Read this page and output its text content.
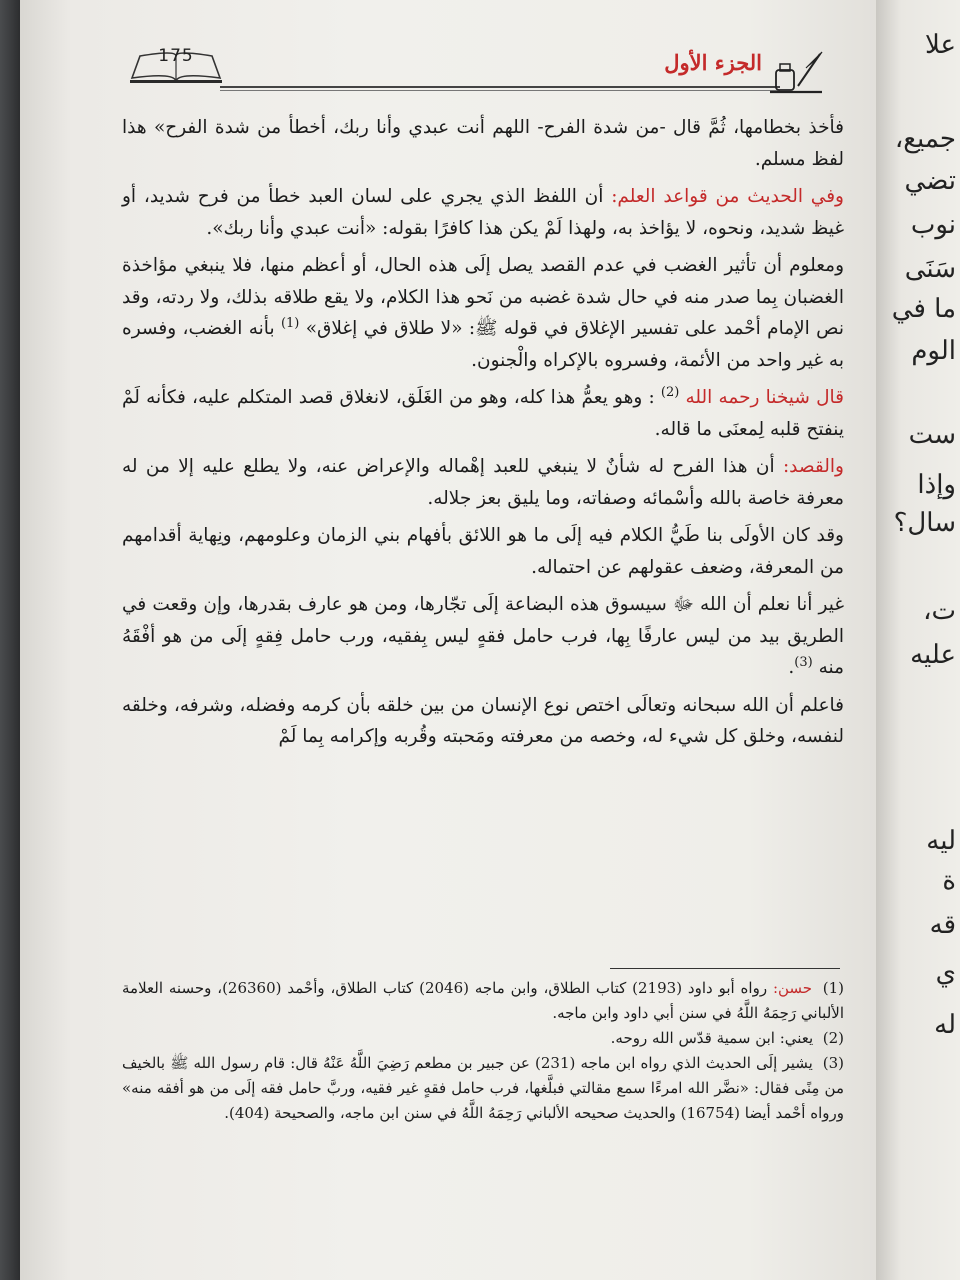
175	الجزء الأول

فأخذ بخطامها، ثُمَّ قال -من شدة الفرح- اللهم أنت عبدي وأنا ربك، أخطأ من شدة الفرح» هذا لفظ مسلم.

وفي الحديث من قواعد العلم: أن اللفظ الذي يجري على لسان العبد خطأ من فرح شديد، أو غيظ شديد، ونحوه، لا يؤاخذ به، ولهذا لَمْ يكن هذا كافرًا بقوله: «أنت عبدي وأنا ربك».

ومعلوم أن تأثير الغضب في عدم القصد يصل إلَى هذه الحال، أو أعظم منها، فلا ينبغي مؤاخذة الغضبان بِما صدر منه في حال شدة غضبه من نَحو هذا الكلام، ولا يقع طلاقه بذلك، ولا ردته، وقد نص الإمام أحْمد على تفسير الإغلاق في قوله ﷺ: «لا طلاق في إغلاق» $^{(1)}$ بأنه الغضب، وفسره به غير واحد من الأئمة، وفسروه بالإكراه والْجنون.

قال شيخنا رحمه الله $^{(2)}$ : وهو يعمُّ هذا كله، وهو من الغَلَق، لانغلاق قصد المتكلم عليه، فكأنه لَمْ ينفتح قلبه لِمعنَى ما قاله.

والقصد: أن هذا الفرح له شأنٌ لا ينبغي للعبد إهْماله والإعراض عنه، ولا يطلع عليه إلا من له معرفة خاصة بالله وأسْمائه وصفاته، وما يليق بعز جلاله.

وقد كان الأولَى بنا طَيُّ الكلام فيه إلَى ما هو اللائق بأفهام بني الزمان وعلومهم، ونِهاية أقدامهم من المعرفة، وضعف عقولهم عن احتماله.

غير أنا نعلم أن الله ﷻ سيسوق هذه البضاعة إلَى تجّارها، ومن هو عارف بقدرها، وإن وقعت في الطريق بيد من ليس عارفًا بِها، فرب حامل فقهٍ ليس بِفقيه، ورب حامل فِقهٍ إلَى من هو أفْقَهُ منه $^{(3)}$.

فاعلم أن الله سبحانه وتعالَى اختص نوع الإنسان من بين خلقه بأن كرمه وفضله، وشرفه، وخلقه لنفسه، وخلق كل شيء له، وخصه من معرفته ومَحبته وقُربه وإكرامه بِما لَمْ

(1) حسن: رواه أبو داود (2193) كتاب الطلاق، وابن ماجه (2046) كتاب الطلاق، وأحْمد (26360)، وحسنه العلامة الألباني رَحِمَهُ اللَّهُ في سنن أبي داود وابن ماجه.

(2) يعني: ابن سمية قدّس الله روحه.

(3) يشير إلَى الحديث الذي رواه ابن ماجه (231) عن جبير بن مطعم رَضِيَ اللَّهُ عَنْهُ قال: قام رسول الله ﷺ بالخيف من مِنًى فقال: «نضَّر الله امرءًا سمع مقالتي فبلَّغها، فرب حامل فقهٍ غير فقيه، وربَّ حامل فقه إلَى من هو أفقه منه» ورواه أحْمد أيضا (16754) والحديث صحيحه الألباني رَحِمَهُ اللَّهُ في سنن ابن ماجه، والصحيحة (404).

علا
جميع،
تضي
نوب
سَنَى
ما في
الوم
ست
وإذا
سال؟
ت،
عليه
ليه
ة
قه
ي
له
